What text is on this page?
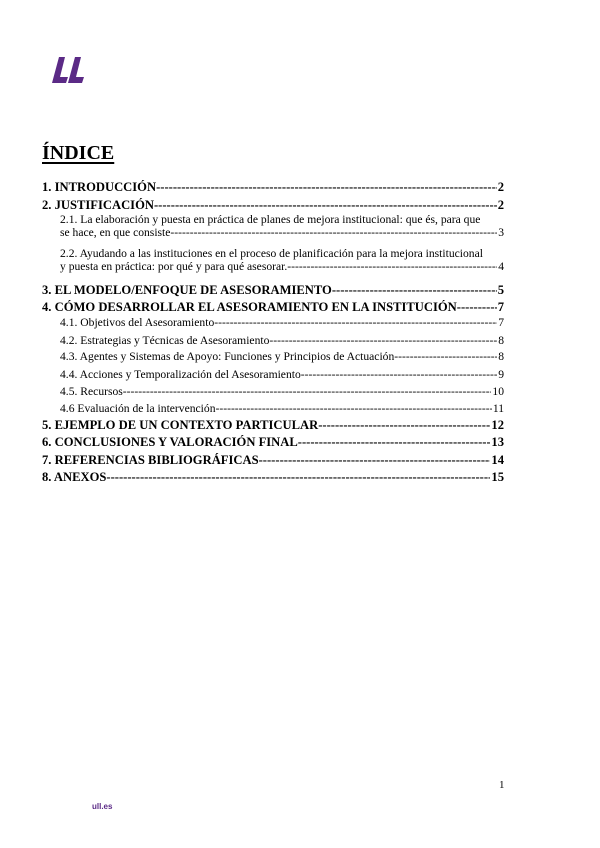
ÍNDICE
1. INTRODUCCIÓN -----	2
2. JUSTIFICACIÓN -----	2
2.1. La elaboración y puesta en práctica de planes de mejora institucional: que és, para que
se hace, en que consiste -----	3
2.2. Ayudando a las instituciones en el proceso de planificación para la mejora institucional
y puesta en práctica: por qué y para qué asesorar. -----	4
3. EL MODELO/ENFOQUE DE ASESORAMIENTO -----	5
4. CÓMO DESARROLLAR EL ASESORAMIENTO EN LA INSTITUCIÓN -----	7
4.1. Objetivos del Asesoramiento -----	7
4.2. Estrategias y Técnicas de Asesoramiento -----	8
4.3. Agentes y Sistemas de Apoyo: Funciones y Principios de Actuación -----	8
4.4. Acciones y Temporalización del Asesoramiento -----	9
4.5. Recursos -----	10
4.6 Evaluación de la intervención -----	11
5. EJEMPLO DE UN CONTEXTO PARTICULAR -----	12
6. CONCLUSIONES Y VALORACIÓN FINAL -----	13
7. REFERENCIAS BIBLIOGRÁFICAS -----	14
8. ANEXOS -----	15
1
ull.es
